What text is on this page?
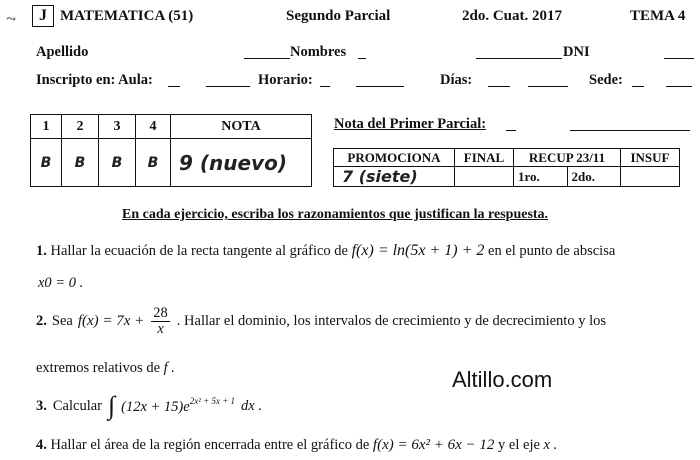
⤳	J MATEMATICA (51)	Segundo Parcial	2do. Cuat. 2017	TEMA 4
Apellido	Nombres	DNI
Inscripto en: Aula:	Horario:	Días:	Sede:
1	2	3	4	NOTA
B	B	B	B	9 (nuevo)
Nota del Primer Parcial:
PROMOCIONA	FINAL	RECUP 23/11		INSUF
7 (siete)		1ro.	2do.	
En cada ejercicio, escriba los razonamientos que justifican la respuesta.
1. Hallar la ecuación de la recta tangente al gráfico de f(x) = ln(5x + 1) + 2 en el punto de abscisa
x0 = 0 .
2. Sea $f(x) = 7x + \frac{28}{x}$ . Hallar el dominio, los intervalos de crecimiento y de decrecimiento y los
extremos relativos de f .
3. Calcular ∫ $(12x + 15)e^{2x^2 + 5x + 1}$ dx .
4. Hallar el área de la región encerrada entre el gráfico de f(x) = 6x² + 6x − 12 y el eje x .
Altillo.com
